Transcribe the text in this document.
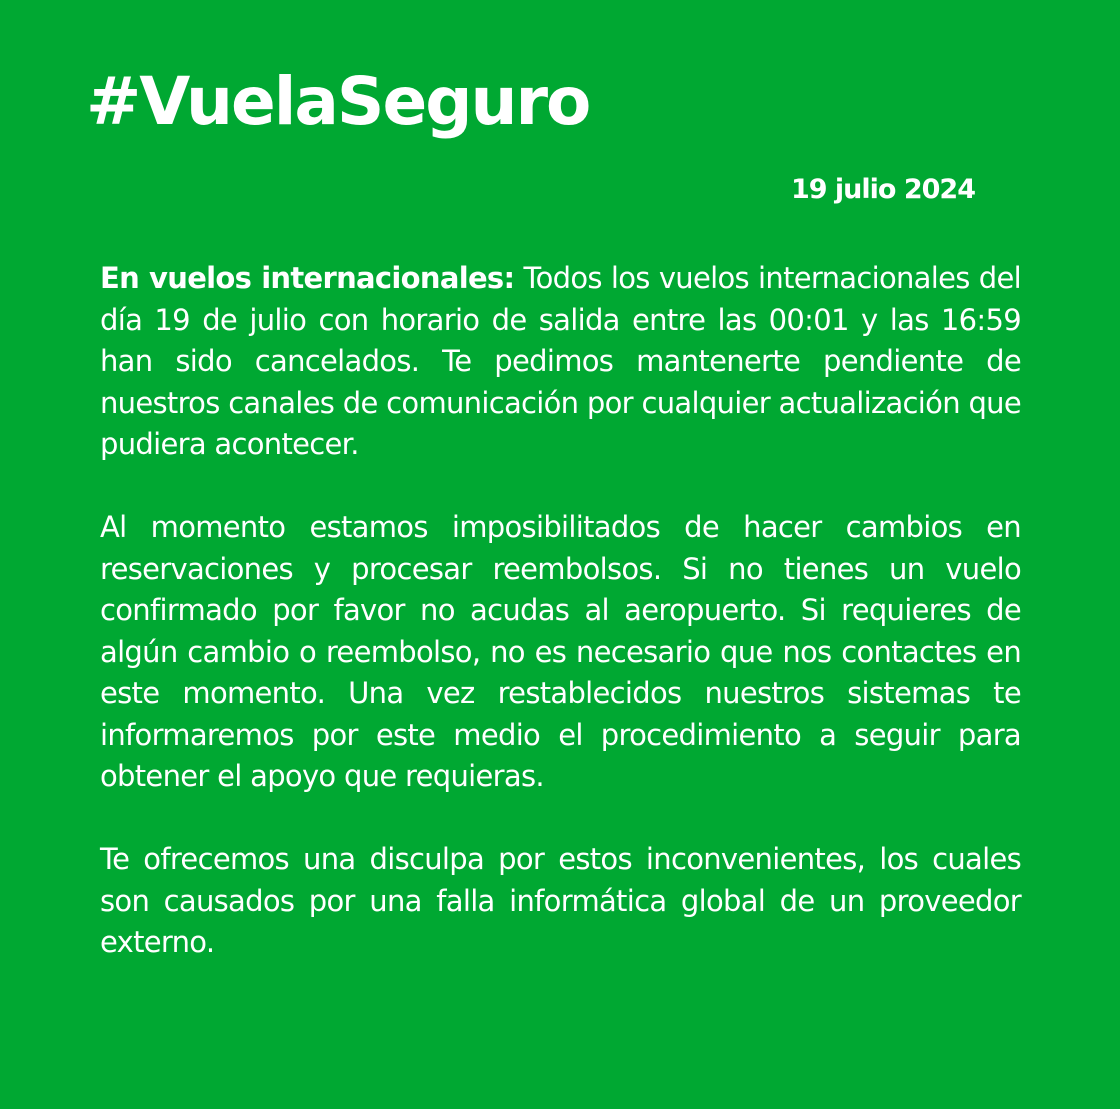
#VuelaSeguro
19 julio 2024

En vuelos internacionales: Todos los vuelos internacionales del día 19 de julio con horario de salida entre las 00:01 y las 16:59 han sido cancelados. Te pedimos mantenerte pendiente de nuestros canales de comunicación por cualquier actualización que pudiera acontecer.

Al momento estamos imposibilitados de hacer cambios en reservaciones y procesar reembolsos. Si no tienes un vuelo confirmado por favor no acudas al aeropuerto. Si requieres de algún cambio o reembolso, no es necesario que nos contactes en este momento. Una vez restablecidos nuestros sistemas te informaremos por este medio el procedimiento a seguir para obtener el apoyo que requieras.

Te ofrecemos una disculpa por estos inconvenientes, los cuales son causados por una falla informática global de un proveedor externo.
